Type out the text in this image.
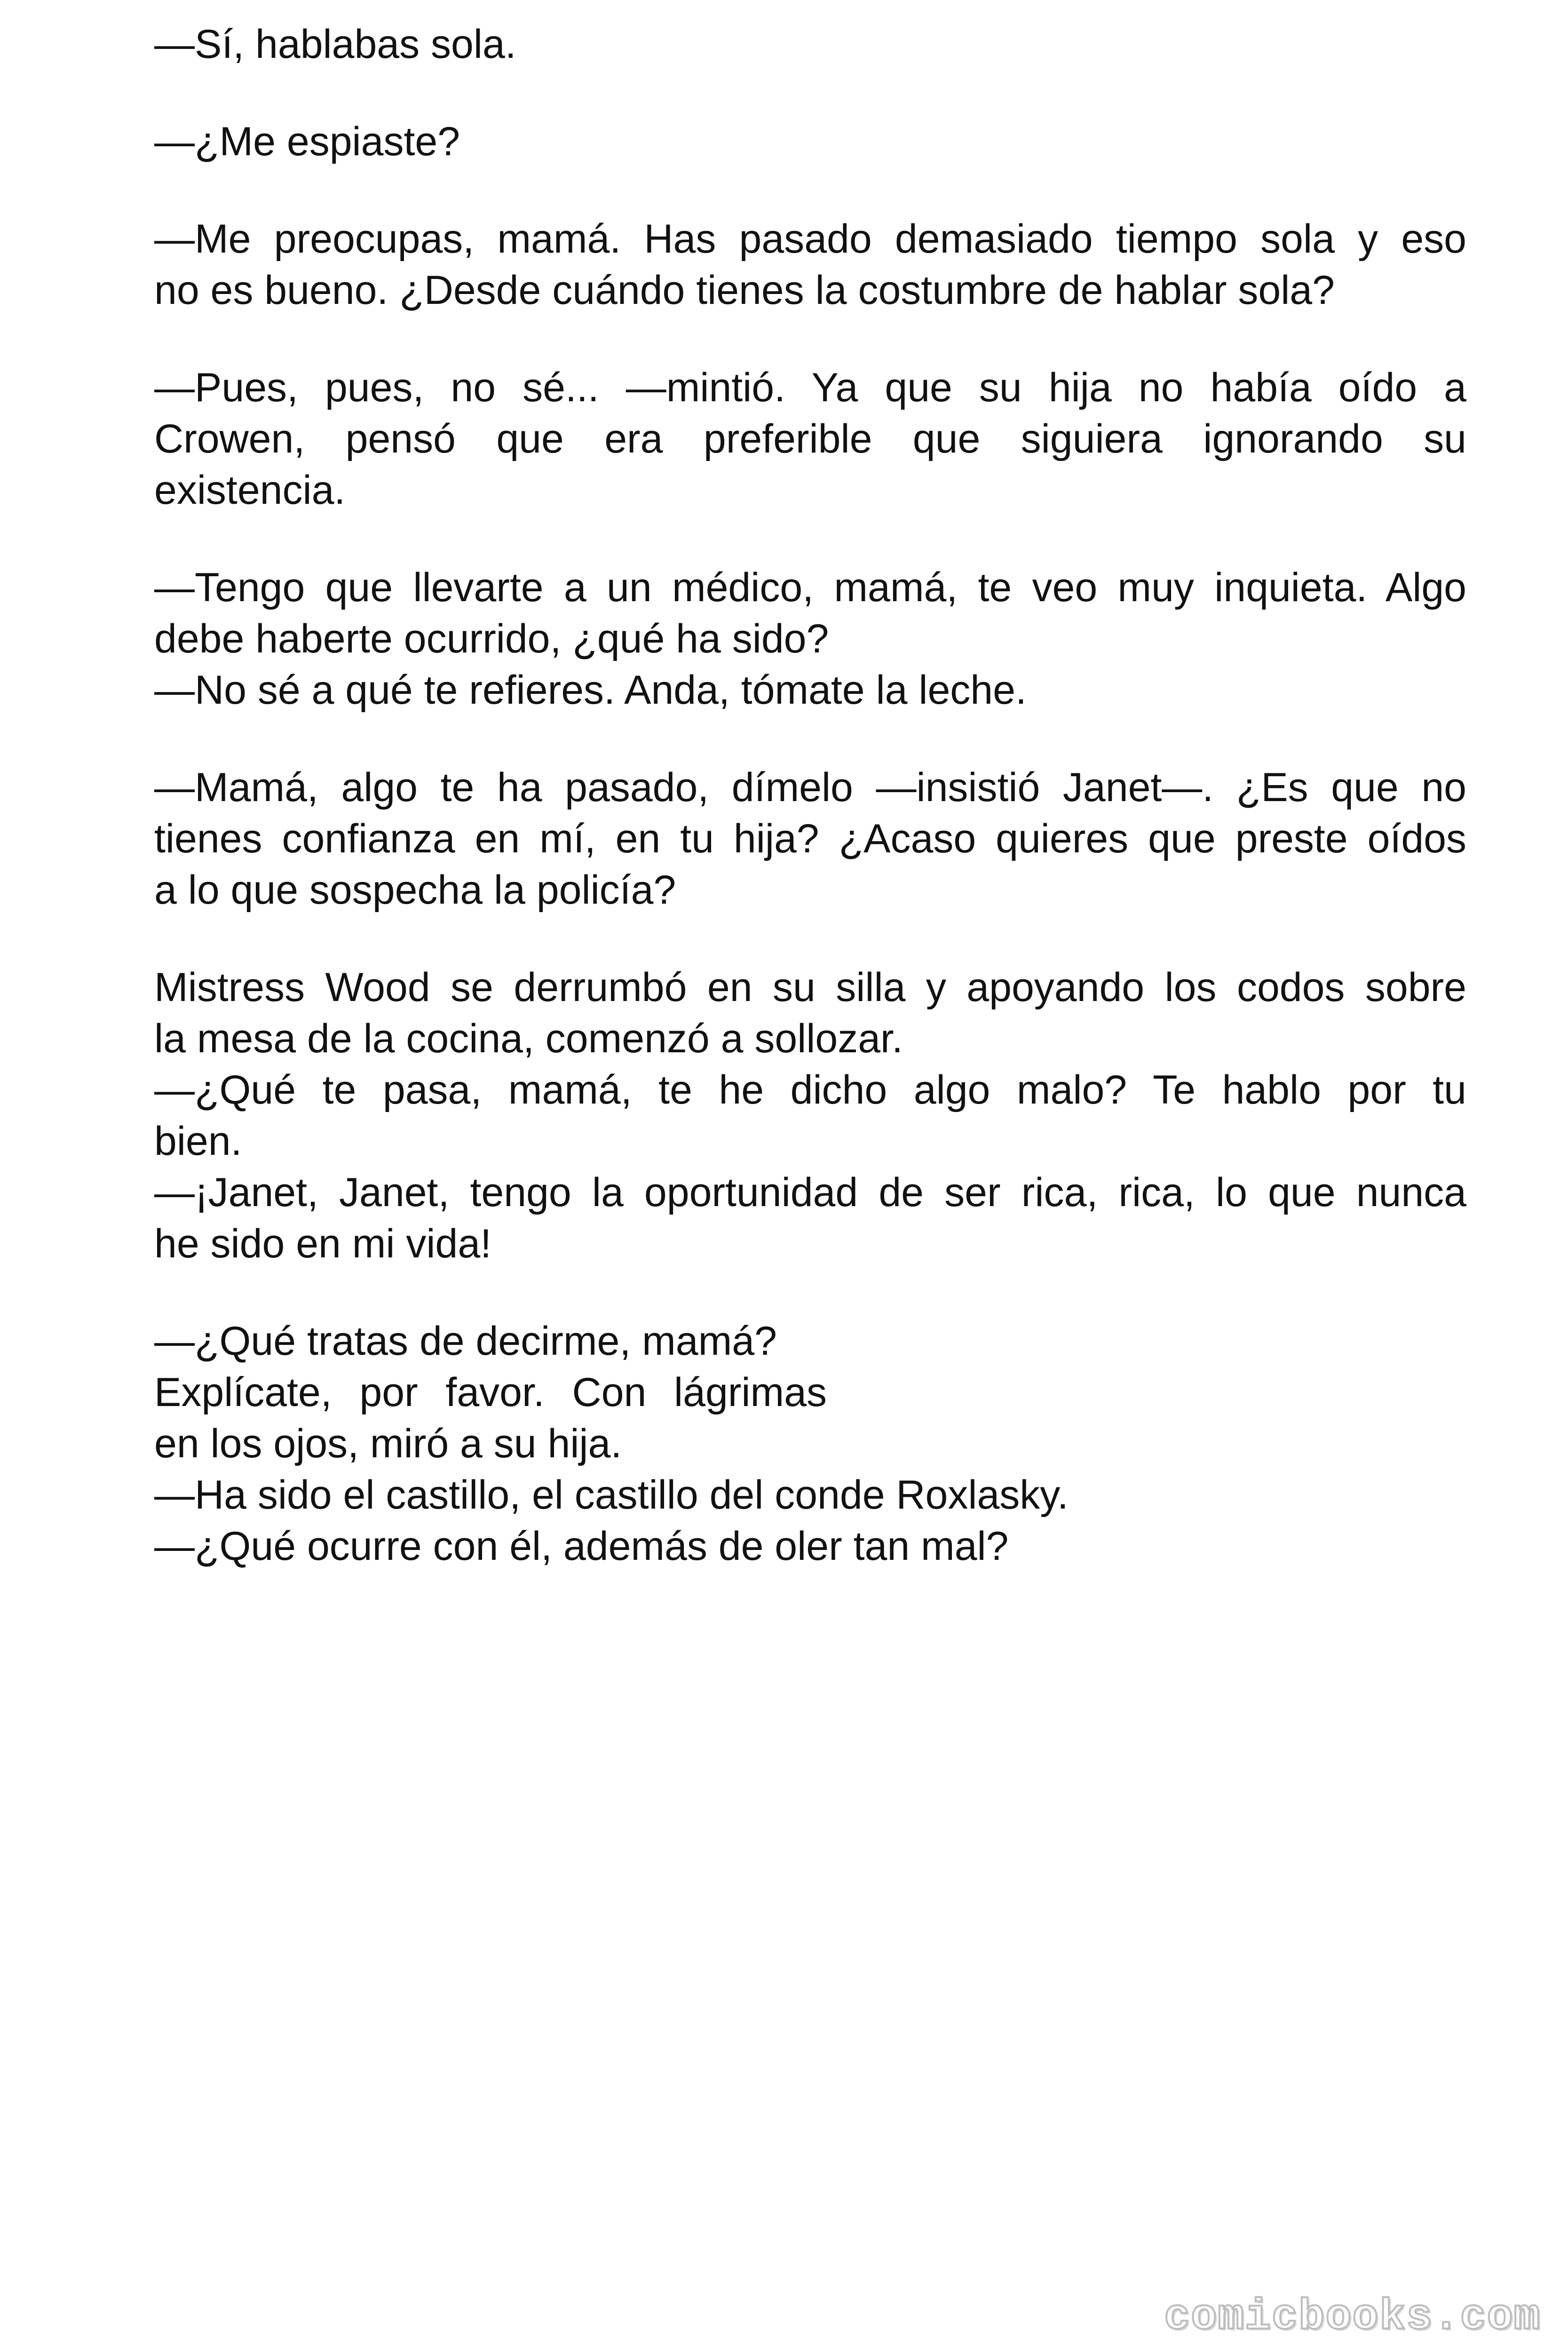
—Sí, hablabas sola.

—¿Me espiaste?

—Me preocupas, mamá. Has pasado demasiado tiempo sola y eso
no es bueno. ¿Desde cuándo tienes la costumbre de hablar sola?

—Pues, pues, no sé... —mintió. Ya que su hija no había oído a
Crowen, pensó que era preferible que siguiera ignorando su
existencia.

—Tengo que llevarte a un médico, mamá, te veo muy inquieta. Algo
debe haberte ocurrido, ¿qué ha sido?
—No sé a qué te refieres. Anda, tómate la leche.

—Mamá, algo te ha pasado, dímelo —insistió Janet—. ¿Es que no
tienes confianza en mí, en tu hija? ¿Acaso quieres que preste oídos
a lo que sospecha la policía?

Mistress Wood se derrumbó en su silla y apoyando los codos sobre
la mesa de la cocina, comenzó a sollozar.
—¿Qué te pasa, mamá, te he dicho algo malo? Te hablo por tu
bien.
—¡Janet, Janet, tengo la oportunidad de ser rica, rica, lo que nunca
he sido en mi vida!

—¿Qué tratas de decirme, mamá?
Explícate, por favor. Con lágrimas
en los ojos, miró a su hija.
—Ha sido el castillo, el castillo del conde Roxlasky.
—¿Qué ocurre con él, además de oler tan mal?

comicbooks.com
